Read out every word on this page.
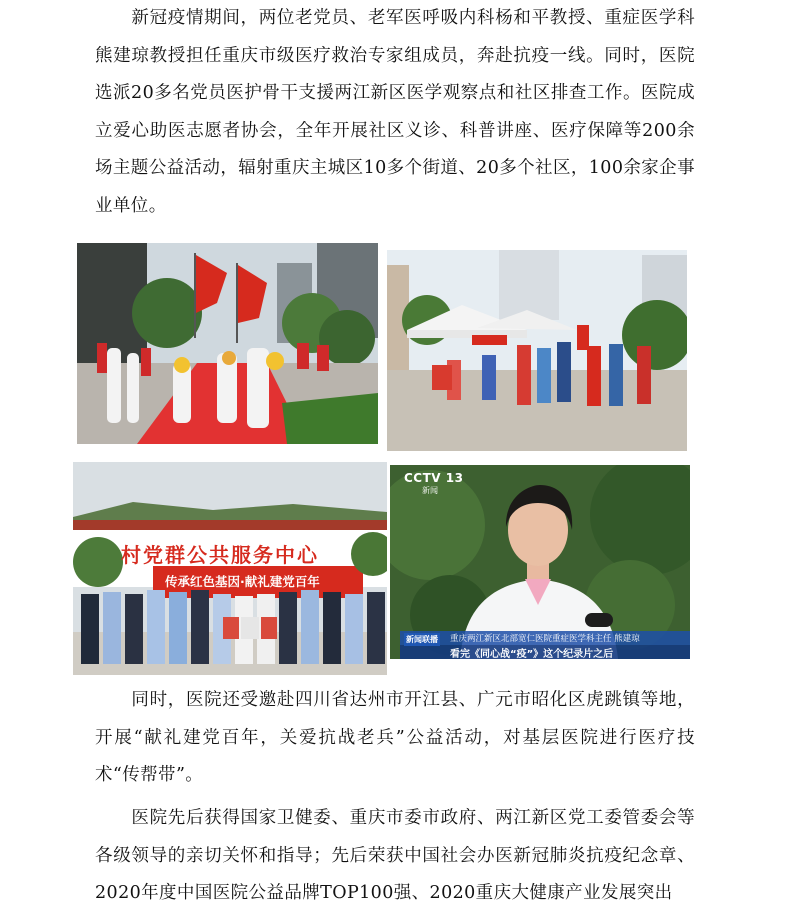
　　新冠疫情期间，两位老党员、老军医呼吸内科杨和平教授、重症医学科熊建琼教授担任重庆市级医疗救治专家组成员，奔赴抗疫一线。同时，医院选派20多名党员医护骨干支援两江新区医学观察点和社区排查工作。医院成立爱心助医志愿者协会，全年开展社区义诊、科普讲座、医疗保障等200余场主题公益活动，辐射重庆主城区10多个街道、20多个社区，100余家企事业单位。
村党群公共服务中心
传承红色基因·献礼建党百年
CCTV 13
新闻
新闻联播 重庆两江新区北部宽仁医院重症医学科主任 熊建琼
看完《同心战“疫”》这个纪录片之后
　　同时，医院还受邀赴四川省达州市开江县、广元市昭化区虎跳镇等地，开展“献礼建党百年，关爱抗战老兵”公益活动，对基层医院进行医疗技术“传帮带”。
　　医院先后获得国家卫健委、重庆市委市政府、两江新区党工委管委会等各级领导的亲切关怀和指导；先后荣获中国社会办医新冠肺炎抗疫纪念章、2020年度中国医院公益品牌TOP100强、2020重庆大健康产业发展突出
